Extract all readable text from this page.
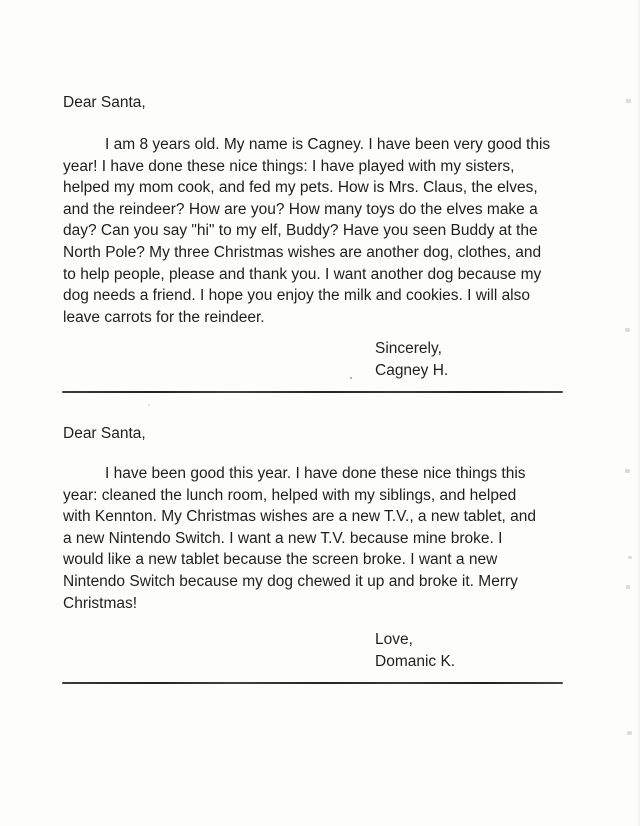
Dear Santa,
I am 8 years old. My name is Cagney. I have been very good this
year! I have done these nice things: I have played with my sisters,
helped my mom cook, and fed my pets. How is Mrs. Claus, the elves,
and the reindeer? How are you? How many toys do the elves make a
day? Can you say "hi" to my elf, Buddy? Have you seen Buddy at the
North Pole? My three Christmas wishes are another dog, clothes, and
to help people, please and thank you. I want another dog because my
dog needs a friend. I hope you enjoy the milk and cookies. I will also
leave carrots for the reindeer.
Sincerely,
Cagney H.
Dear Santa,
I have been good this year. I have done these nice things this
year: cleaned the lunch room, helped with my siblings, and helped
with Kennton. My Christmas wishes are a new T.V., a new tablet, and
a new Nintendo Switch. I want a new T.V. because mine broke. I
would like a new tablet because the screen broke. I want a new
Nintendo Switch because my dog chewed it up and broke it. Merry
Christmas!
Love,
Domanic K.
